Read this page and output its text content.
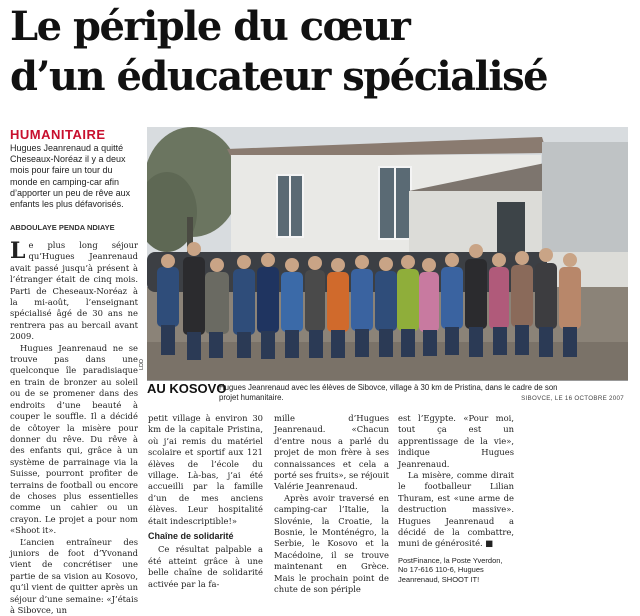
Le périple du cœur
d’un éducateur spécialisé
HUMANITAIRE
Hugues Jeanrenaud a quitté Cheseaux-Noréaz il y a deux mois pour faire un tour du monde en camping-car afin d’apporter un peu de rêve aux enfants les plus défavorisés.
ABDOULAYE PENDA NDIAYE

Le plus long séjour qu’Hugues Jeanrenaud avait passé jusqu’à présent à l’étranger était de cinq mois. Parti de Cheseaux-Noréaz à la mi-août, l’enseignant spécialisé âgé de 30 ans ne rentrera pas au bercail avant 2009.

Hugues Jeanrenaud ne se trouve pas dans une quelconque île paradisiaque en train de bronzer au soleil ou de se promener dans des endroits d’une beauté à couper le souffle. Il a décidé de côtoyer la misère pour donner du rêve. Du rêve à des enfants qui, grâce à un système de parrainage via la Suisse, pourront profiter de terrains de football ou encore de choses plus essentielles comme un cahier ou un crayon. Le projet a pour nom «Shoot it».

L’ancien entraîneur des juniors de foot d’Yvonand vient de concrétiser une partie de sa vision au Kosovo, qu’il vient de quitter après un séjour d’une semaine: «J’étais à Sibovce, un

LDD
AU KOSOVO
Hugues Jeanrenaud avec les élèves de Sibovce, village à 30 km de Pristina, dans le cadre de son projet humanitaire.	SIBOVCE, LE 16 OCTOBRE 2007

petit village à environ 30 km de la capitale Pristina, où j’ai remis du matériel scolaire et sportif aux 121 élèves de l’école du village. Là-bas, j’ai été accueilli par la famille d’un de mes anciens élèves. Leur hospitalité était indescriptible!»

Chaîne de solidarité

Ce résultat palpable a été atteint grâce à une belle chaîne de solidarité activée par la fa-

mille d’Hugues Jeanrenaud. «Chacun d’entre nous a parlé du projet de mon frère à ses connaissances et cela a porté ses fruits», se réjouit Valérie Jeanrenaud.

Après avoir traversé en camping-car l’Italie, la Slovénie, la Croatie, la Bosnie, le Monténégro, la Serbie, le Kosovo et la Macédoine, il se trouve maintenant en Grèce. Mais le prochain point de chute de son périple

est l’Egypte. «Pour moi, tout ça est un apprentissage de la vie», indique Hugues Jeanrenaud.

La misère, comme dirait le footballeur Lilian Thuram, est «une arme de destruction massive». Hugues Jeanrenaud a décidé de la combattre, muni de générosité. ■

PostFinance, la Poste Yverdon, No 17-616 110-6, Hugues Jeanrenaud, SHOOT IT!
